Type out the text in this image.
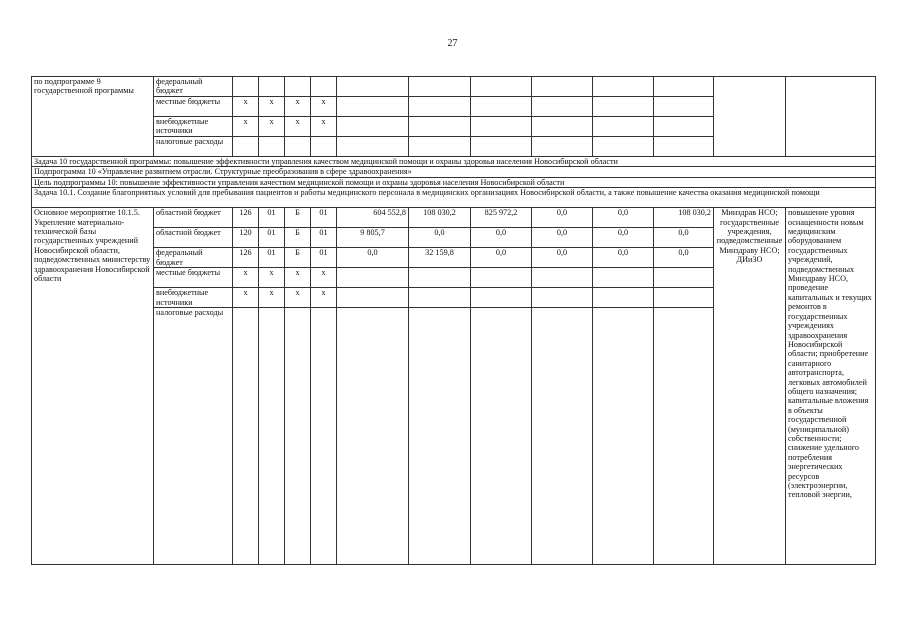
27
по подпрограмме 9 государственной программы	федеральный бюджет												
	местные бюджеты	x	x	x	x								
	внебюджетные источники	x	x	x	x								
	налоговые расходы												
Задача 10 государственной программы: повышение эффективности управления качеством медицинской помощи и охраны здоровья населения Новосибирской области													
Подпрограмма 10 «Управление развитием отрасли. Структурные преобразования в сфере здравоохранения»													
Цель подпрограммы 10: повышение эффективности управления качеством медицинской помощи и охраны здоровья населения Новосибирской области													
Задача 10.1. Создание благоприятных условий для пребывания пациентов и работы медицинского персонала в медицинских организациях Новосибирской области, а также повышение качества оказания медицинской помощи													
Основное мероприятие 10.1.5. Укрепление материально-технической базы государственных учреждений Новосибирской области, подведомственных министерству здравоохранения Новосибирской области	областной бюджет	126	01	Б	01	604 552,8	108 030,2	825 972,2	0,0	0,0	108 030,2	Минздрав НСО; государственные учреждения, подведомственные Минздраву НСО; ДИиЗО	повышение уровня оснащенности новым медицинским оборудованием государственных учреждений, подведомственных Минздраву НСО, проведение капитальных и текущих ремонтов в государственных учреждениях здравоохранения Новосибирской области; приобретение санитарного автотранспорта, легковых автомобилей общего назначения; капитальные вложения в объекты государственной (муниципальной) собственности; снижение удельного потребления энергетических ресурсов (электроэнергии, тепловой энергии,
	областной бюджет	120	01	Б	01	9 805,7	0,0	0,0	0,0	0,0	0,0		
	федеральный бюджет	126	01	Б	01	0,0	32 159,8	0,0	0,0	0,0	0,0		
	местные бюджеты	x	x	x	x								
	внебюджетные источники	x	x	x	x								
	налоговые расходы												
